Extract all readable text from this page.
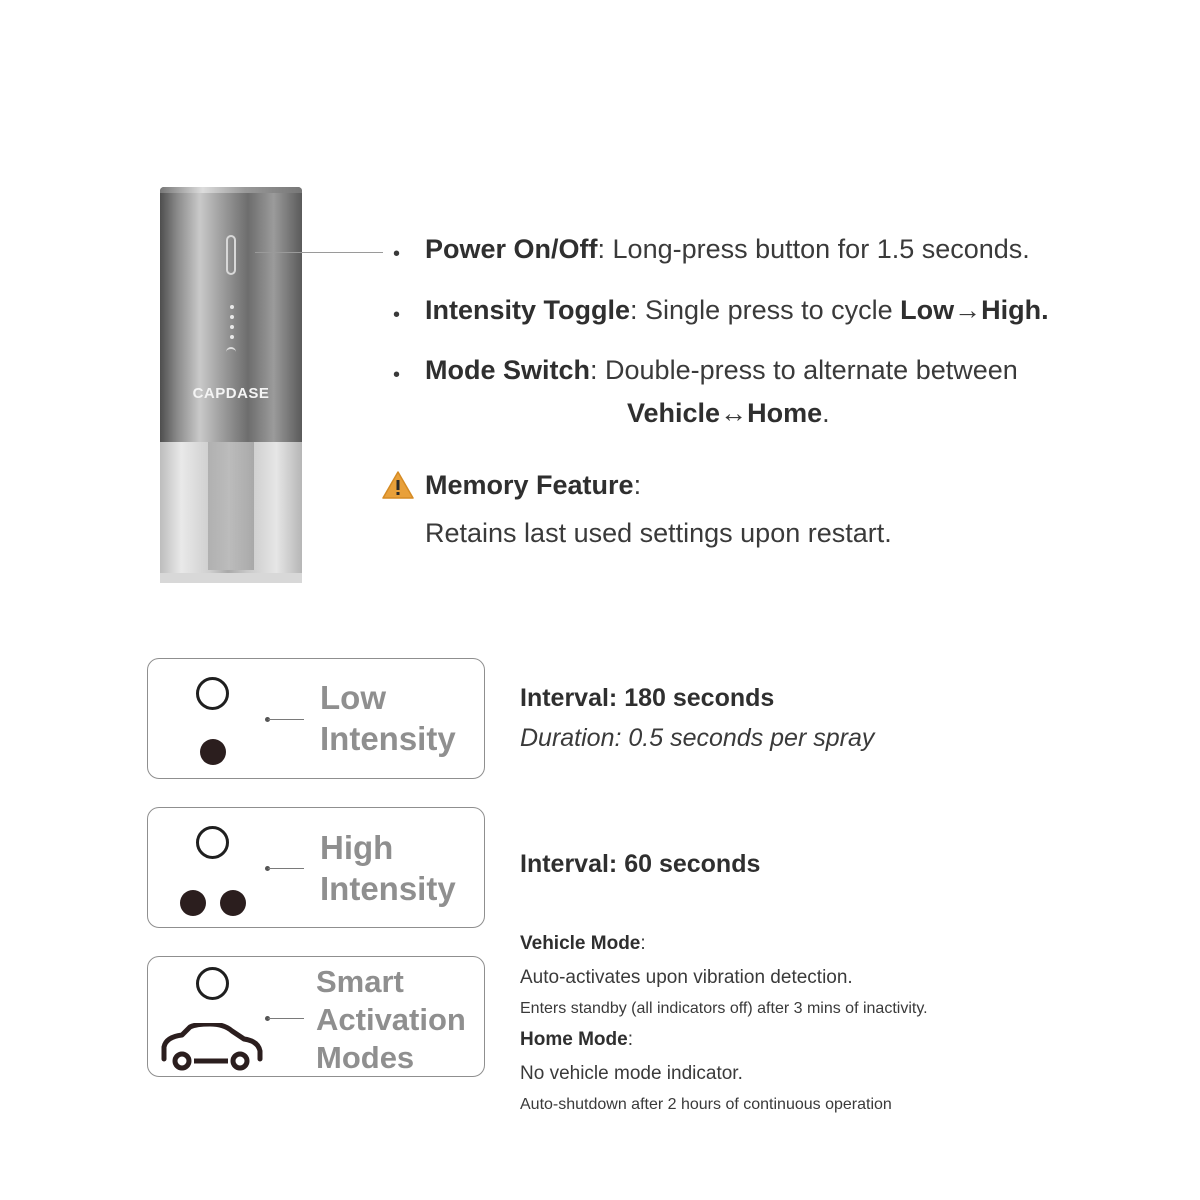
CAPDASE
• Power On/Off: Long-press button for 1.5 seconds.
• Intensity Toggle: Single press to cycle Low→High.
• Mode Switch: Double-press to alternate between
Vehicle↔Home.
Memory Feature:
Retains last used settings upon restart.
Low
Intensity
Interval: 180 seconds
Duration: 0.5 seconds per spray
High
Intensity
Interval: 60 seconds
Smart
Activation
Modes
Vehicle Mode:
Auto-activates upon vibration detection.
Enters standby (all indicators off) after 3 mins of inactivity.
Home Mode:
No vehicle mode indicator.
Auto-shutdown after 2 hours of continuous operation
